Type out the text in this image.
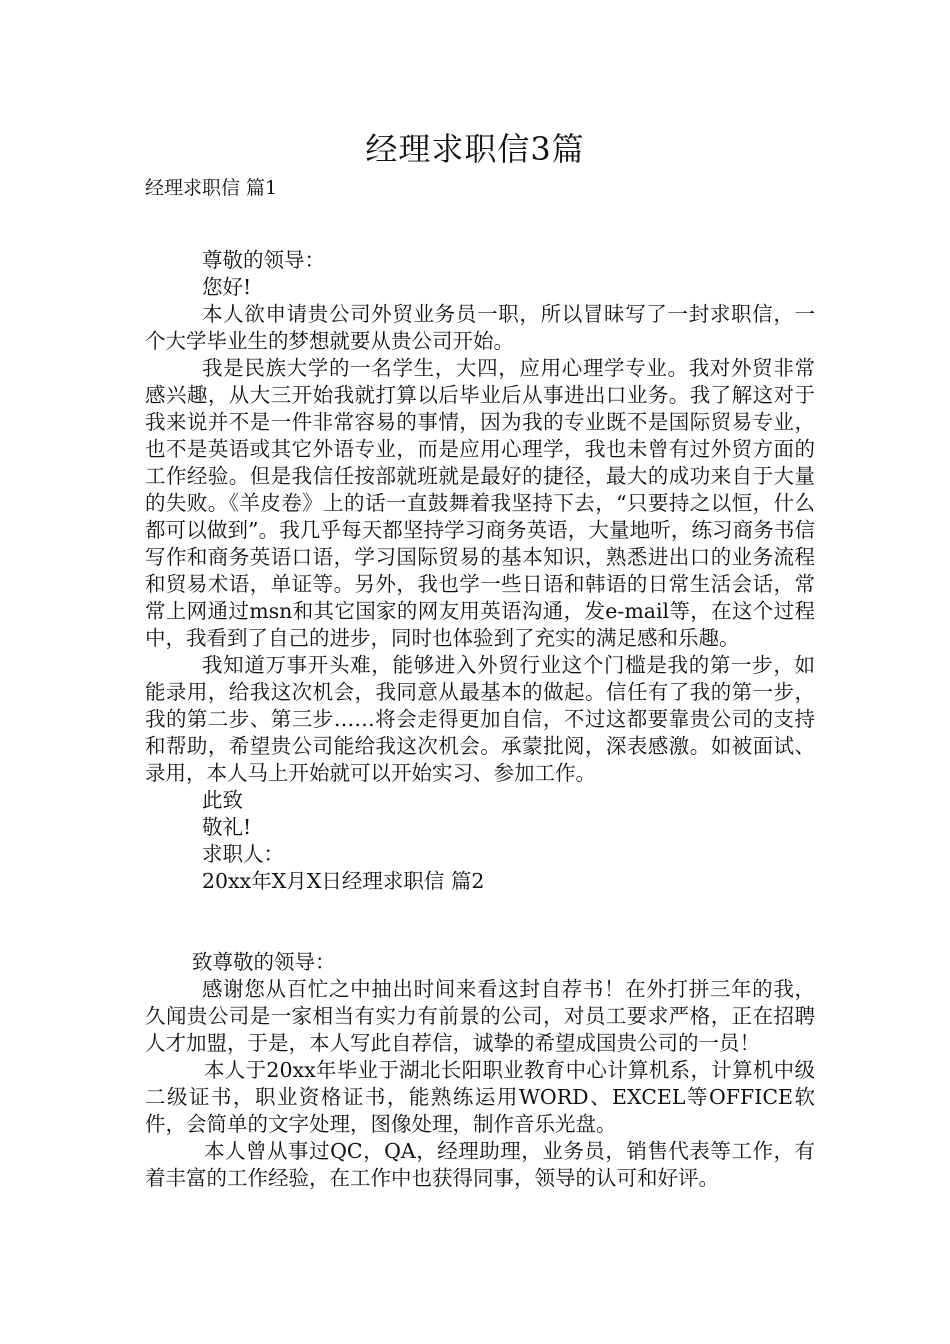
经理求职信3篇
经理求职信 篇1

尊敬的领导：

您好!

本人欲申请贵公司外贸业务员一职，所以冒昧写了一封求职信，一个大学毕业生的梦想就要从贵公司开始。

我是民族大学的一名学生，大四，应用心理学专业。我对外贸非常感兴趣，从大三开始我就打算以后毕业后从事进出口业务。我了解这对于我来说并不是一件非常容易的事情，因为我的专业既不是国际贸易专业，也不是英语或其它外语专业，而是应用心理学，我也未曾有过外贸方面的工作经验。但是我信任按部就班就是最好的捷径，最大的成功来自于大量的失败。《羊皮卷》上的话一直鼓舞着我坚持下去，“只要持之以恒，什么都可以做到”。我几乎每天都坚持学习商务英语，大量地听，练习商务书信写作和商务英语口语，学习国际贸易的基本知识，熟悉进出口的业务流程和贸易术语，单证等。另外，我也学一些日语和韩语的日常生活会话，常常上网通过msn和其它国家的网友用英语沟通，发e-mail等，在这个过程中，我看到了自己的进步，同时也体验到了充实的满足感和乐趣。

我知道万事开头难，能够进入外贸行业这个门槛是我的第一步，如能录用，给我这次机会，我同意从最基本的做起。信任有了我的第一步，我的第二步、第三步……将会走得更加自信，不过这都要靠贵公司的支持和帮助，希望贵公司能给我这次机会。承蒙批阅，深表感激。如被面试、录用，本人马上开始就可以开始实习、参加工作。

此致

敬礼!

求职人：

20xx年X月X日经理求职信 篇2

致尊敬的领导：

感谢您从百忙之中抽出时间来看这封自荐书！在外打拼三年的我，久闻贵公司是一家相当有实力有前景的公司，对员工要求严格，正在招聘人才加盟，于是，本人写此自荐信，诚挚的希望成国贵公司的一员！

本人于20xx年毕业于湖北长阳职业教育中心计算机系，计算机中级二级证书，职业资格证书，能熟练运用WORD、EXCEL等OFFICE软件，会简单的文字处理，图像处理，制作音乐光盘。

本人曾从事过QC，QA，经理助理，业务员，销售代表等工作，有着丰富的工作经验，在工作中也获得同事，领导的认可和好评。
